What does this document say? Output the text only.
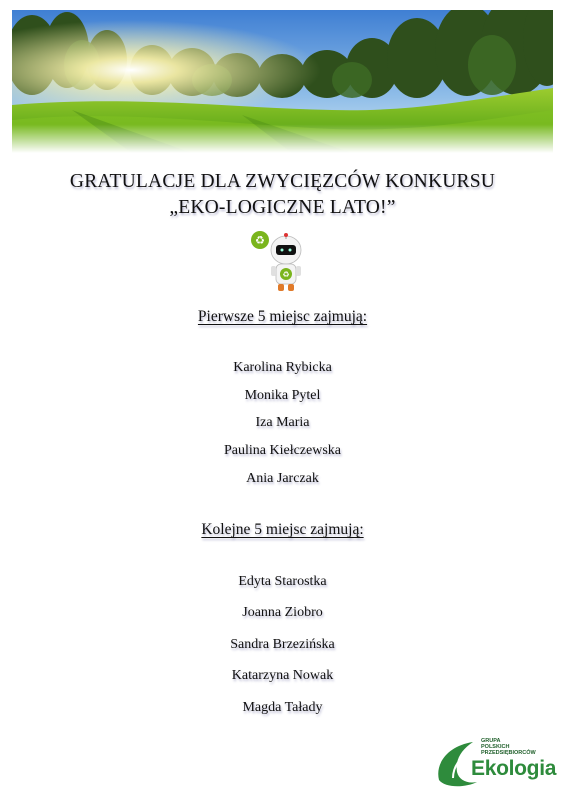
GRATULACJE DLA ZWYCIĘZCÓW KONKURSU
„EKO-LOGICZNE LATO!”
♻
♻
Pierwsze 5 miejsc zajmują:
Karolina Rybicka
Monika Pytel
Iza Maria
Paulina Kiełczewska
Ania Jarczak
Kolejne 5 miejsc zajmują:
Edyta Starostka
Joanna Ziobro
Sandra Brzezińska
Katarzyna Nowak
Magda Tałady
GRUPA
POLSKICH
PRZEDSIĘBIORCÓW
Ekologia
